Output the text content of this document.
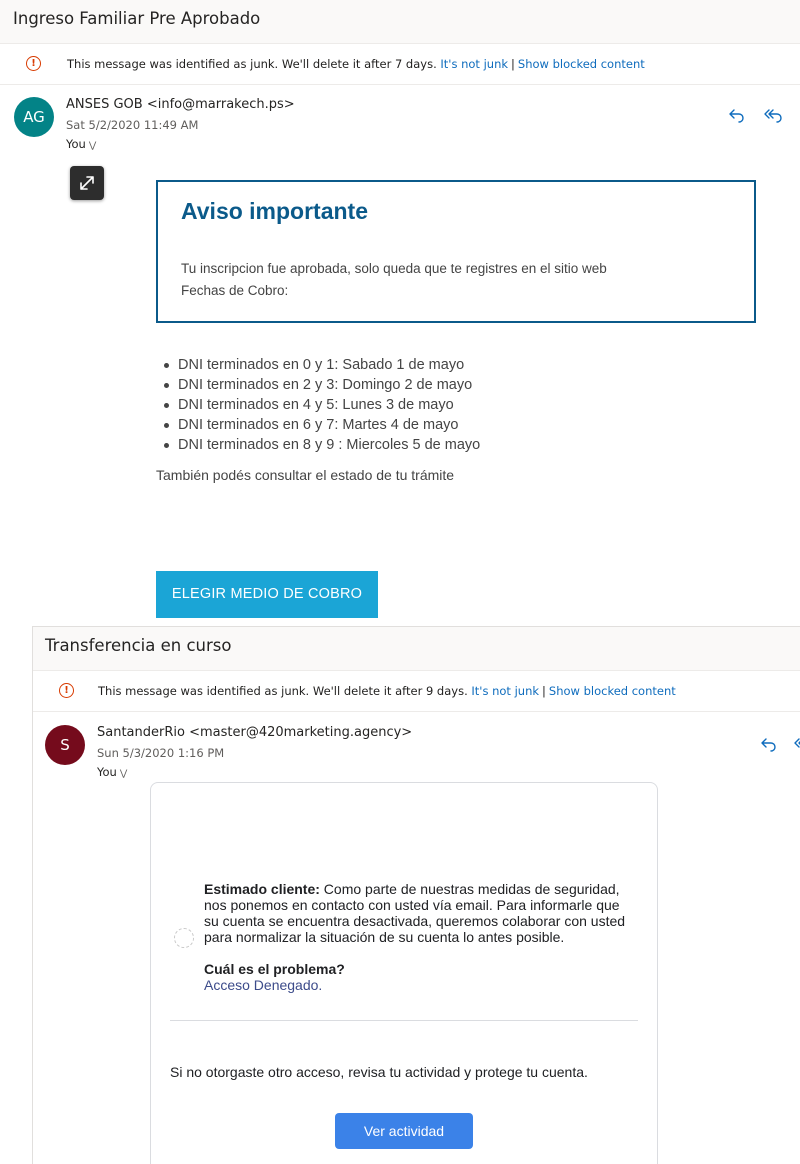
Ingreso Familiar Pre Aprobado
!	This message was identified as junk. We'll delete it after 7 days. It's not junk | Show blocked content
AG
ANSES GOB <info@marrakech.ps>
Sat 5/2/2020 11:49 AM
You ⋁
Aviso importante
Tu inscripcion fue aprobada, solo queda que te registres en el sitio web
Fechas de Cobro:
DNI terminados en 0 y 1: Sabado 1 de mayo
DNI terminados en 2 y 3: Domingo 2 de mayo
DNI terminados en 4 y 5: Lunes 3 de mayo
DNI terminados en 6 y 7: Martes 4 de mayo
DNI terminados en 8 y 9 : Miercoles 5 de mayo
También podés consultar el estado de tu trámite
ELEGIR MEDIO DE COBRO
Transferencia en curso
!	This message was identified as junk. We'll delete it after 9 days. It's not junk | Show blocked content
S
SantanderRio <master@420marketing.agency>
Sun 5/3/2020 1:16 PM
You ⋁
Estimado cliente: Como parte de nuestras medidas de seguridad, nos ponemos en contacto con usted vía email. Para informarle que su cuenta se encuentra desactivada, queremos colaborar con usted para normalizar la situación de su cuenta lo antes posible.
Cuál es el problema?
Acceso Denegado.
Si no otorgaste otro acceso, revisa tu actividad y protege tu cuenta.
Ver actividad
